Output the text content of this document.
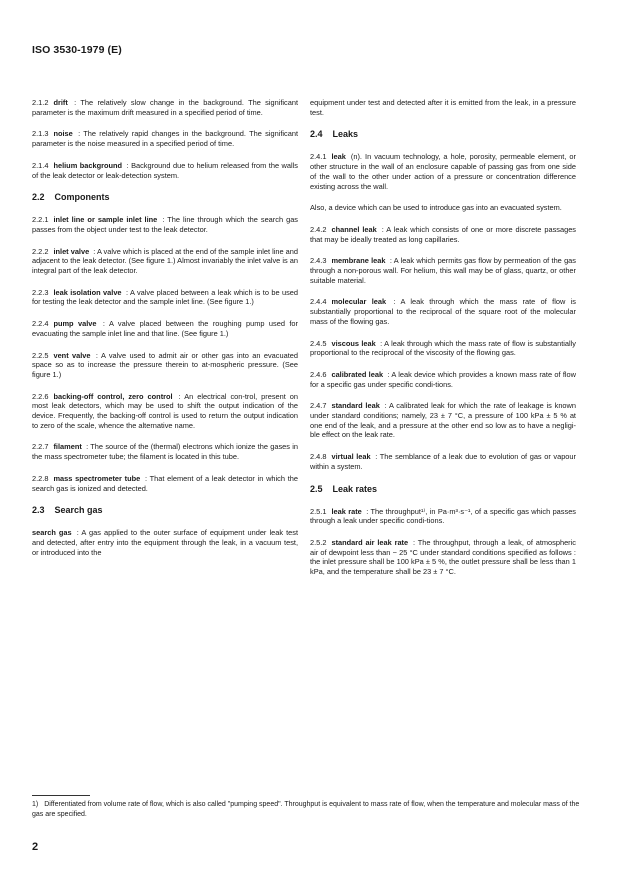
ISO 3530-1979 (E)

2.1.2 drift : The relatively slow change in the background. The significant parameter is the maximum drift measured in a specified period of time.

2.1.3 noise : The relatively rapid changes in the background. The significant parameter is the noise measured in a specified period of time.

2.1.4 helium background : Background due to helium released from the walls of the leak detector or leak-detection system.

2.2 Components

2.2.1 inlet line or sample inlet line : The line through which the search gas passes from the object under test to the leak detector.

2.2.2 inlet valve : A valve which is placed at the end of the sample inlet line and adjacent to the leak detector. (See figure 1.) Almost invariably the inlet valve is an integral part of the leak detector.

2.2.3 leak isolation valve : A valve placed between a leak which is to be used for testing the leak detector and the sample inlet line. (See figure 1.)

2.2.4 pump valve : A valve placed between the roughing pump used for evacuating the sample inlet line and that line. (See figure 1.)

2.2.5 vent valve : A valve used to admit air or other gas into an evacuated space so as to increase the pressure therein to at-mospheric pressure. (See figure 1.)

2.2.6 backing-off control, zero control : An electrical con-trol, present on most leak detectors, which may be used to shift the output indication of the device. Frequently, the backing-off control is used to return the output indication to zero of the scale, whence the alternative name.

2.2.7 filament : The source of the (thermal) electrons which ionize the gases in the mass spectrometer tube; the filament is located in this tube.

2.2.8 mass spectrometer tube : That element of a leak detector in which the search gas is ionized and detected.

2.3 Search gas

search gas : A gas applied to the outer surface of equipment under leak test and detected, after entry into the equipment through the leak, in a vacuum test, or introduced into the

equipment under test and detected after it is emitted from the leak, in a pressure test.

2.4 Leaks

2.4.1 leak (n). In vacuum technology, a hole, porosity, permeable element, or other structure in the wall of an enclosure capable of passing gas from one side of the wall to the other under action of a pressure or concentration difference existing across the wall.

Also, a device which can be used to introduce gas into an evacuated system.

2.4.2 channel leak : A leak which consists of one or more discrete passages that may be ideally treated as long capillaries.

2.4.3 membrane leak : A leak which permits gas flow by permeation of the gas through a non-porous wall. For helium, this wall may be of glass, quartz, or other suitable material.

2.4.4 molecular leak : A leak through which the mass rate of flow is substantially proportional to the reciprocal of the square root of the molecular mass of the flowing gas.

2.4.5 viscous leak : A leak through which the mass rate of flow is substantially proportional to the reciprocal of the viscosity of the flowing gas.

2.4.6 calibrated leak : A leak device which provides a known mass rate of flow for a specific gas under specific condi-tions.

2.4.7 standard leak : A calibrated leak for which the rate of leakage is known under standard conditions; namely, 23 ± 7 °C, a pressure of 100 kPa ± 5 % at one end of the leak, and a pressure at the other end so low as to have a negligi-ble effect on the leak rate.

2.4.8 virtual leak : The semblance of a leak due to evolution of gas or vapour within a system.

2.5 Leak rates

2.5.1 leak rate : The throughput¹⁾, in Pa·m³·s⁻¹, of a specific gas which passes through a leak under specific condi-tions.

2.5.2 standard air leak rate : The throughput, through a leak, of atmospheric air of dewpoint less than − 25 °C under standard conditions specified as follows : the inlet pressure shall be 100 kPa ± 5 %, the outlet pressure shall be less than 1 kPa, and the temperature shall be 23 ± 7 °C.

1) Differentiated from volume rate of flow, which is also called "pumping speed". Throughput is equivalent to mass rate of flow, when the temperature and molecular mass of the gas are specified.
2
